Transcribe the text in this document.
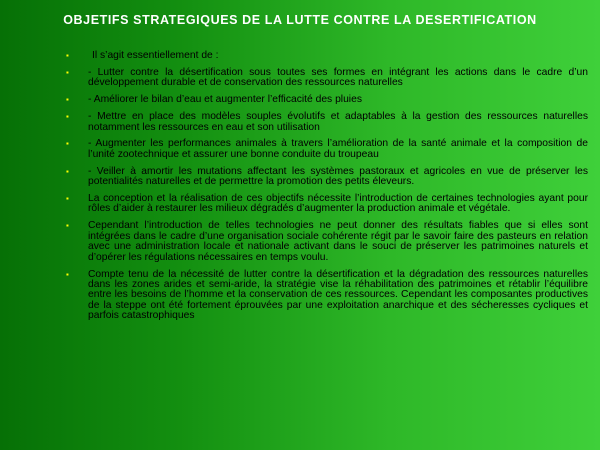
OBJETIFS STRATEGIQUES DE LA LUTTE CONTRE LA DESERTIFICATION
▪ Il s’agit essentiellement de :
▪ - Lutter contre la désertification sous toutes ses formes en intégrant les actions dans le cadre d’un développement durable et de conservation des ressources naturelles
▪ - Améliorer le bilan d’eau et augmenter l’efficacité des pluies
▪ - Mettre en place des modèles souples évolutifs et adaptables à la gestion des ressources naturelles notamment les ressources en eau et son utilisation
▪ - Augmenter les performances animales à travers l’amélioration de la santé animale et la composition de l’unité zootechnique et assurer une bonne conduite du troupeau
▪ - Veiller à amortir les mutations affectant les systèmes pastoraux et agricoles en vue de préserver les potentialités naturelles et de permettre la promotion des petits éleveurs.
▪ La conception et la réalisation de ces objectifs nécessite l’introduction de certaines technologies ayant pour rôles d’aider à restaurer les milieux dégradés d’augmenter la production animale et végétale.
▪ Cependant l’introduction de telles technologies ne peut donner des résultats fiables que si elles sont intégrées dans le cadre d’une organisation sociale cohérente régit par le savoir faire des pasteurs en relation avec une administration locale et nationale activant dans le souci de préserver les patrimoines naturels et d’opérer les régulations nécessaires en temps voulu.
▪ Compte tenu de la nécessité de lutter contre la désertification et la dégradation des ressources naturelles dans les zones arides et semi-aride, la stratégie vise la réhabilitation des patrimoines et rétablir l’équilibre entre les besoins de l’homme et la conservation de ces ressources. Cependant les composantes productives de la steppe ont été fortement éprouvées par une exploitation anarchique et des sécheresses cycliques et parfois catastrophiques
